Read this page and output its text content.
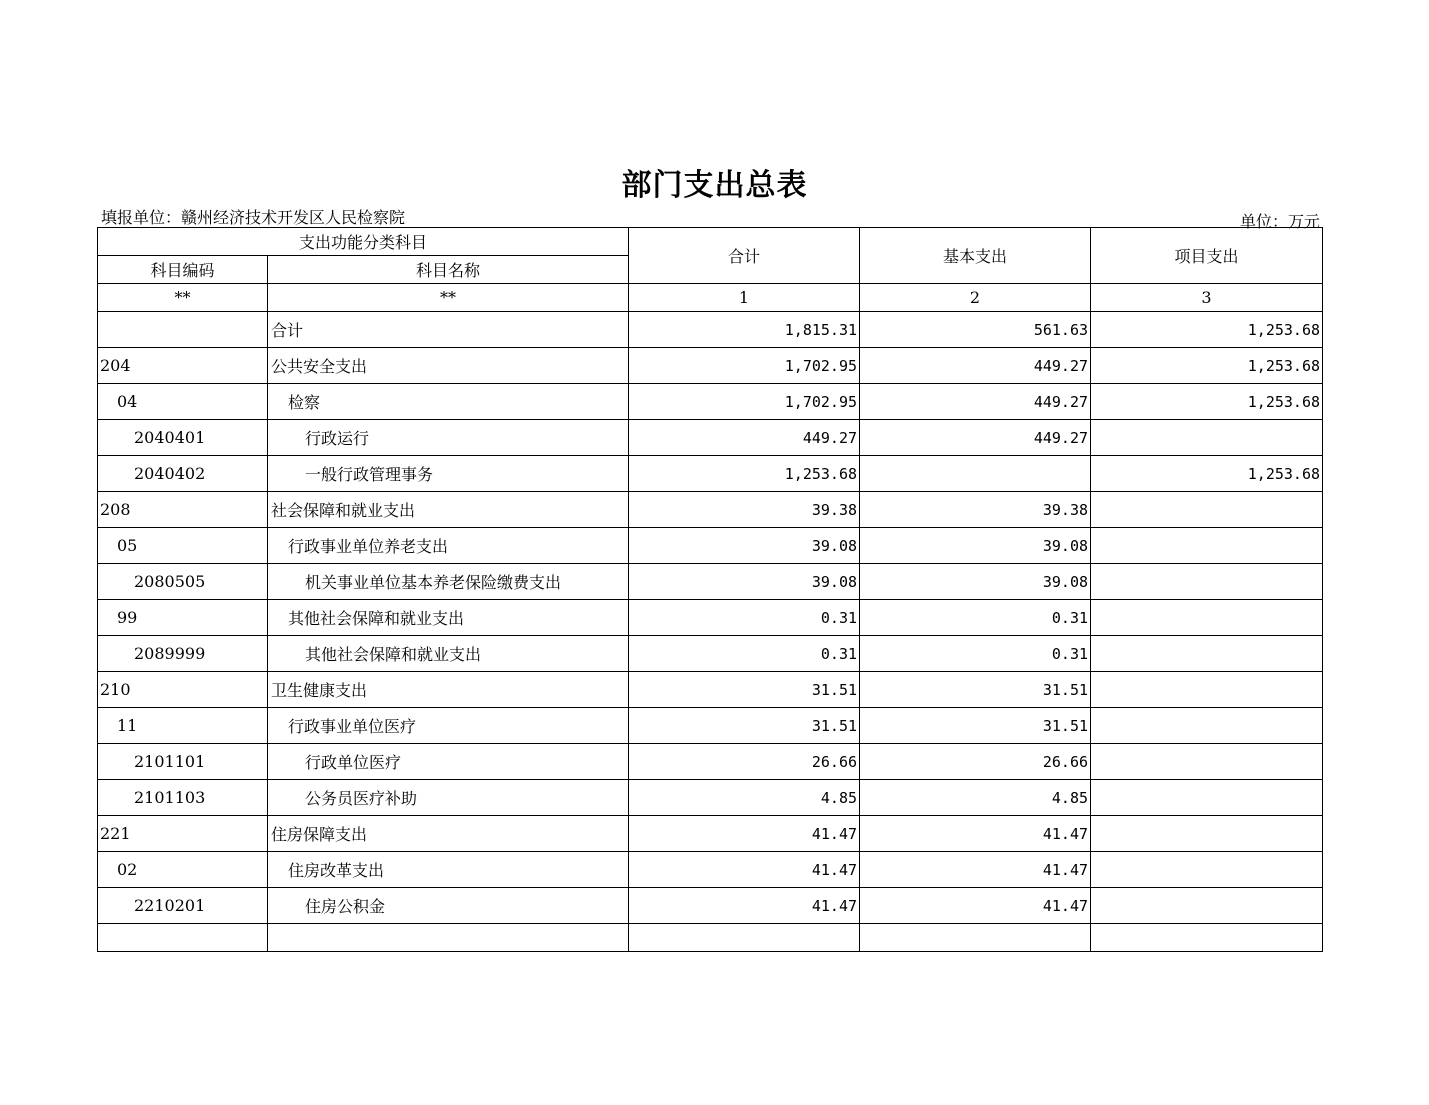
部门支出总表
填报单位：赣州经济技术开发区人民检察院	单位：万元
支出功能分类科目		合计	基本支出	项目支出
科目编码	科目名称			
**	**	1	2	3
	合计	1,815.31	561.63	1,253.68
204	公共安全支出	1,702.95	449.27	1,253.68
04	检察	1,702.95	449.27	1,253.68
2040401	行政运行	449.27	449.27	
2040402	一般行政管理事务	1,253.68		1,253.68
208	社会保障和就业支出	39.38	39.38	
05	行政事业单位养老支出	39.08	39.08	
2080505	机关事业单位基本养老保险缴费支出	39.08	39.08	
99	其他社会保障和就业支出	0.31	0.31	
2089999	其他社会保障和就业支出	0.31	0.31	
210	卫生健康支出	31.51	31.51	
11	行政事业单位医疗	31.51	31.51	
2101101	行政单位医疗	26.66	26.66	
2101103	公务员医疗补助	4.85	4.85	
221	住房保障支出	41.47	41.47	
02	住房改革支出	41.47	41.47	
2210201	住房公积金	41.47	41.47	
